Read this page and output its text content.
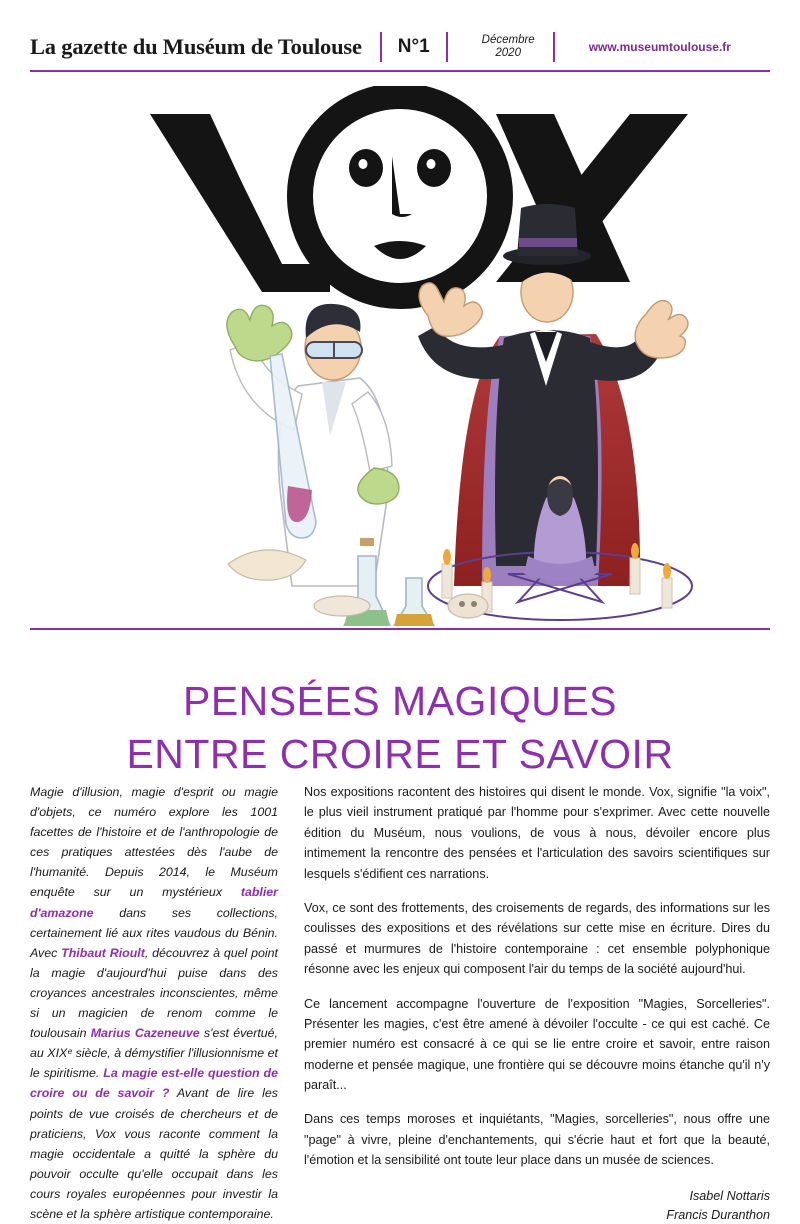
La gazette du Muséum de Toulouse	N°1	Décembre
2020	www.museumtoulouse.fr
PENSÉES MAGIQUES
ENTRE CROIRE ET SAVOIR
Magie d'illusion, magie d'esprit ou magie d'objets, ce numéro explore les 1001 facettes de l'histoire et de l'anthropologie de ces pratiques attestées dès l'aube de l'humanité. Depuis 2014, le Muséum enquête sur un mystérieux tablier d'amazone dans ses collections, certainement lié aux rites vaudous du Bénin. Avec Thibaut Rioult, découvrez à quel point la magie d'aujourd'hui puise dans des croyances ancestrales inconscientes, même si un magicien de renom comme le toulousain Marius Cazeneuve s'est évertué, au XIXᵉ siècle, à démystifier l'illusionnisme et le spiritisme. La magie est-elle question de croire ou de savoir ? Avant de lire les points de vue croisés de chercheurs et de praticiens, Vox vous raconte comment la magie occidentale a quitté la sphère du pouvoir occulte qu'elle occupait dans les cours royales européennes pour investir la scène et la sphère artistique contemporaine.

Nos expositions racontent des histoires qui disent le monde. Vox, signifie "la voix", le plus vieil instrument pratiqué par l'homme pour s'exprimer. Avec cette nouvelle édition du Muséum, nous voulions, de vous à nous, dévoiler encore plus intimement la rencontre des pensées et l'articulation des savoirs scientifiques sur lesquels s'édifient ces narrations.

Vox, ce sont des frottements, des croisements de regards, des informations sur les coulisses des expositions et des révélations sur cette mise en écriture. Dires du passé et murmures de l'histoire contemporaine : cet ensemble polyphonique résonne avec les enjeux qui composent l'air du temps de la société aujourd'hui.

Ce lancement accompagne l'ouverture de l'exposition "Magies, Sorcelleries". Présenter les magies, c'est être amené à dévoiler l'occulte - ce qui est caché. Ce premier numéro est consacré à ce qui se lie entre croire et savoir, entre raison moderne et pensée magique, une frontière qui se découvre moins étanche qu'il n'y paraît...

Dans ces temps moroses et inquiétants, "Magies, sorcelleries", nous offre une "page" à vivre, pleine d'enchantements, qui s'écrie haut et fort que la beauté, l'émotion et la sensibilité ont toute leur place dans un musée de sciences.

Isabel Nottaris
Francis Duranthon
